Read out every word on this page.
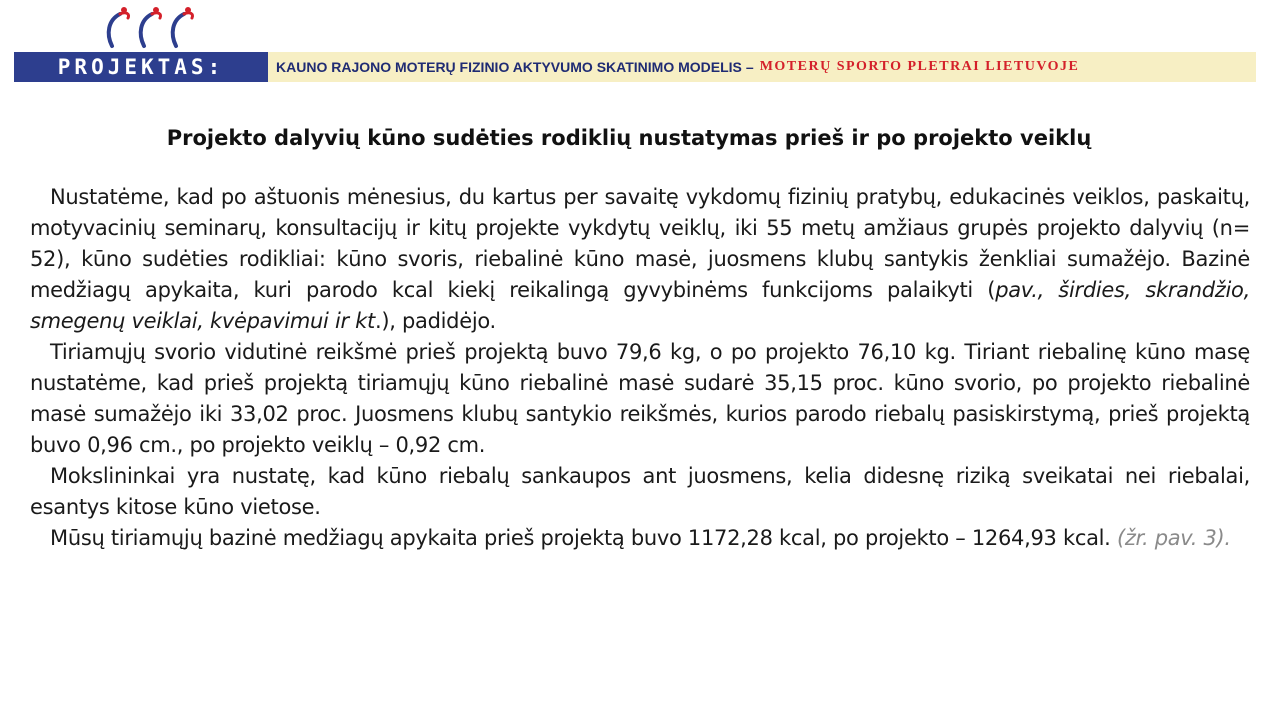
PROJEKTAS:	KAUNO RAJONO MOTERŲ FIZINIO AKTYVUMO SKATINIMO MODELIS – MOTERŲ SPORTO PLETRAI LIETUVOJE
Projekto dalyvių kūno sudėties rodiklių nustatymas prieš ir po projekto veiklų

Nustatėme, kad po aštuonis mėnesius, du kartus per savaitę vykdomų fizinių pratybų, edukacinės veiklos, paskaitų, motyvacinių seminarų, konsultacijų ir kitų projekte vykdytų veiklų, iki 55 metų amžiaus grupės projekto dalyvių (n= 52), kūno sudėties rodikliai: kūno svoris, riebalinė kūno masė, juosmens klubų santykis ženkliai sumažėjo. Bazinė medžiagų apykaita, kuri parodo kcal kiekį reikalingą gyvybinėms funkcijoms palaikyti (pav., širdies, skrandžio, smegenų veiklai, kvėpavimui ir kt.), padidėjo.

Tiriamųjų svorio vidutinė reikšmė prieš projektą buvo 79,6 kg, o po projekto 76,10 kg. Tiriant riebalinę kūno masę nustatėme, kad prieš projektą tiriamųjų kūno riebalinė masė sudarė 35,15 proc. kūno svorio, po projekto riebalinė masė sumažėjo iki 33,02 proc. Juosmens klubų santykio reikšmės, kurios parodo riebalų pasiskirstymą, prieš projektą buvo 0,96 cm., po projekto veiklų – 0,92 cm.

Mokslininkai yra nustatę, kad kūno riebalų sankaupos ant juosmens, kelia didesnę riziką sveikatai nei riebalai, esantys kitose kūno vietose.

Mūsų tiriamųjų bazinė medžiagų apykaita prieš projektą buvo 1172,28 kcal, po projekto – 1264,93 kcal. (žr. pav. 3).
